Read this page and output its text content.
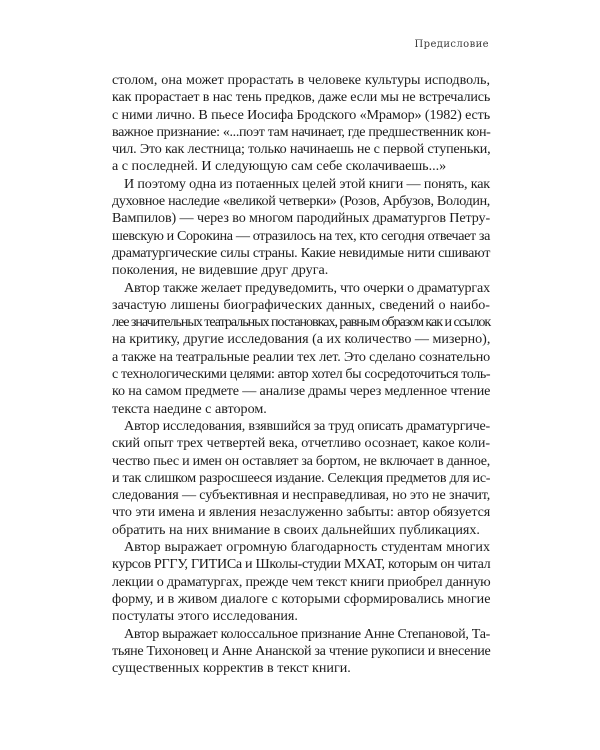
Предисловие
столом, она может прорастать в человеке культуры исподволь,
как прорастает в нас тень предков, даже если мы не встречались
с ними лично. В пьесе Иосифа Бродского «Мрамор» (1982) есть
важное признание: «...поэт там начинает, где предшественник кон-
чил. Это как лестница; только начинаешь не с первой ступеньки,
а с последней. И следующую сам себе сколачиваешь...»
И поэтому одна из потаенных целей этой книги — понять, как
духовное наследие «великой четверки» (Розов, Арбузов, Володин,
Вампилов) — через во многом пародийных драматургов Петру-
шевскую и Сорокина — отразилось на тех, кто сегодня отвечает за
драматургические силы страны. Какие невидимые нити сшивают
поколения, не видевшие друг друга.
Автор также желает предуведомить, что очерки о драматургах
зачастую лишены биографических данных, сведений о наибо-
лее значительных театральных постановках, равным образом как и ссылок
на критику, другие исследования (а их количество — мизерно),
а также на театральные реалии тех лет. Это сделано сознательно
с технологическими целями: автор хотел бы сосредоточиться толь-
ко на самом предмете — анализе драмы через медленное чтение
текста наедине с автором.
Автор исследования, взявшийся за труд описать драматургиче-
ский опыт трех четвертей века, отчетливо осознает, какое коли-
чество пьес и имен он оставляет за бортом, не включает в данное,
и так слишком разросшееся издание. Селекция предметов для ис-
следования — субъективная и несправедливая, но это не значит,
что эти имена и явления незаслуженно забыты: автор обязуется
обратить на них внимание в своих дальнейших публикациях.
Автор выражает огромную благодарность студентам многих
курсов РГГУ, ГИТИСа и Школы-студии МХАТ, которым он читал
лекции о драматургах, прежде чем текст книги приобрел данную
форму, и в живом диалоге с которыми сформировались многие
постулаты этого исследования.
Автор выражает колоссальное признание Анне Степановой, Та-
тьяне Тихоновец и Анне Ананской за чтение рукописи и внесение
существенных корректив в текст книги.
